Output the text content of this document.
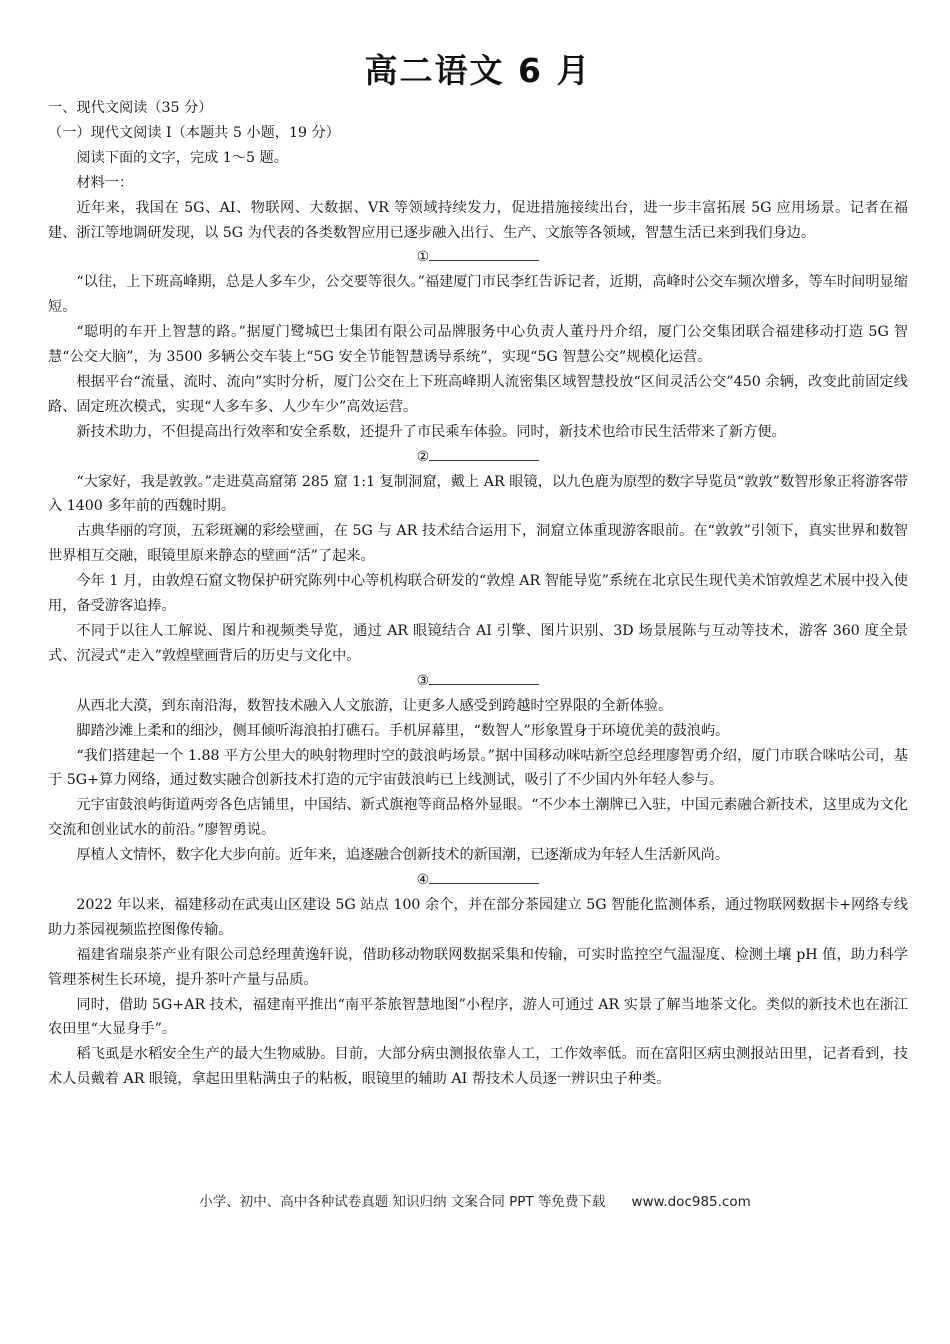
高二语文 6 月
一、现代文阅读（35 分）
（一）现代文阅读 I（本题共 5 小题，19 分）
阅读下面的文字，完成 1～5 题。
材料一：

近年来，我国在 5G、AI、物联网、大数据、VR 等领域持续发力，促进措施接续出台，进一步丰富拓展 5G 应用场景。记者在福建、浙江等地调研发现，以 5G 为代表的各类数智应用已逐步融入出行、生产、文旅等各领域，智慧生活已来到我们身边。

①

“以往，上下班高峰期，总是人多车少，公交要等很久。”福建厦门市民李红告诉记者，近期，高峰时公交车频次增多，等车时间明显缩短。

“聪明的车开上智慧的路。”据厦门鹭城巴士集团有限公司品牌服务中心负责人董丹丹介绍，厦门公交集团联合福建移动打造 5G 智慧“公交大脑”，为 3500 多辆公交车装上“5G 安全节能智慧诱导系统”，实现“5G 智慧公交”规模化运营。

根据平台“流量、流时、流向”实时分析，厦门公交在上下班高峰期人流密集区域智慧投放“区间灵活公交”450 余辆，改变此前固定线路、固定班次模式，实现“人多车多、人少车少”高效运营。

新技术助力，不但提高出行效率和安全系数，还提升了市民乘车体验。同时，新技术也给市民生活带来了新方便。

②

“大家好，我是敦敦。”走进莫高窟第 285 窟 1:1 复制洞窟，戴上 AR 眼镜，以九色鹿为原型的数字导览员“敦敦”数智形象正将游客带入 1400 多年前的西魏时期。

古典华丽的穹顶，五彩斑斓的彩绘壁画，在 5G 与 AR 技术结合运用下，洞窟立体重现游客眼前。在“敦敦”引领下，真实世界和数智世界相互交融，眼镜里原来静态的壁画“活”了起来。

今年 1 月，由敦煌石窟文物保护研究陈列中心等机构联合研发的“敦煌 AR 智能导览”系统在北京民生现代美术馆敦煌艺术展中投入使用，备受游客追捧。

不同于以往人工解说、图片和视频类导览，通过 AR 眼镜结合 AI 引擎、图片识别、3D 场景展陈与互动等技术，游客 360 度全景式、沉浸式“走入”敦煌壁画背后的历史与文化中。

③

从西北大漠，到东南沿海，数智技术融入人文旅游，让更多人感受到跨越时空界限的全新体验。

脚踏沙滩上柔和的细沙，侧耳倾听海浪拍打礁石。手机屏幕里，“数智人”形象置身于环境优美的鼓浪屿。

“我们搭建起一个 1.88 平方公里大的映射物理时空的鼓浪屿场景。”据中国移动咪咕新空总经理廖智勇介绍，厦门市联合咪咕公司，基于 5G+算力网络，通过数实融合创新技术打造的元宇宙鼓浪屿已上线测试，吸引了不少国内外年轻人参与。

元宇宙鼓浪屿街道两旁各色店铺里，中国结、新式旗袍等商品格外显眼。“不少本土潮牌已入驻，中国元素融合新技术，这里成为文化交流和创业试水的前沿。”廖智勇说。

厚植人文情怀，数字化大步向前。近年来，追逐融合创新技术的新国潮，已逐渐成为年轻人生活新风尚。

④

2022 年以来，福建移动在武夷山区建设 5G 站点 100 余个，并在部分茶园建立 5G 智能化监测体系，通过物联网数据卡+网络专线助力茶园视频监控图像传输。

福建省瑞泉茶产业有限公司总经理黄逸轩说，借助移动物联网数据采集和传输，可实时监控空气温湿度、检测土壤 pH 值，助力科学管理茶树生长环境，提升茶叶产量与品质。

同时，借助 5G+AR 技术，福建南平推出“南平茶旅智慧地图”小程序，游人可通过 AR 实景了解当地茶文化。类似的新技术也在浙江农田里“大显身手”。

稻飞虱是水稻安全生产的最大生物威胁。目前，大部分病虫测报依靠人工，工作效率低。而在富阳区病虫测报站田里，记者看到，技术人员戴着 AR 眼镜，拿起田里粘满虫子的粘板，眼镜里的辅助 AI 帮技术人员逐一辨识虫子种类。

小学、初中、高中各种试卷真题 知识归纳 文案合同 PPT 等免费下载 www.doc985.com
